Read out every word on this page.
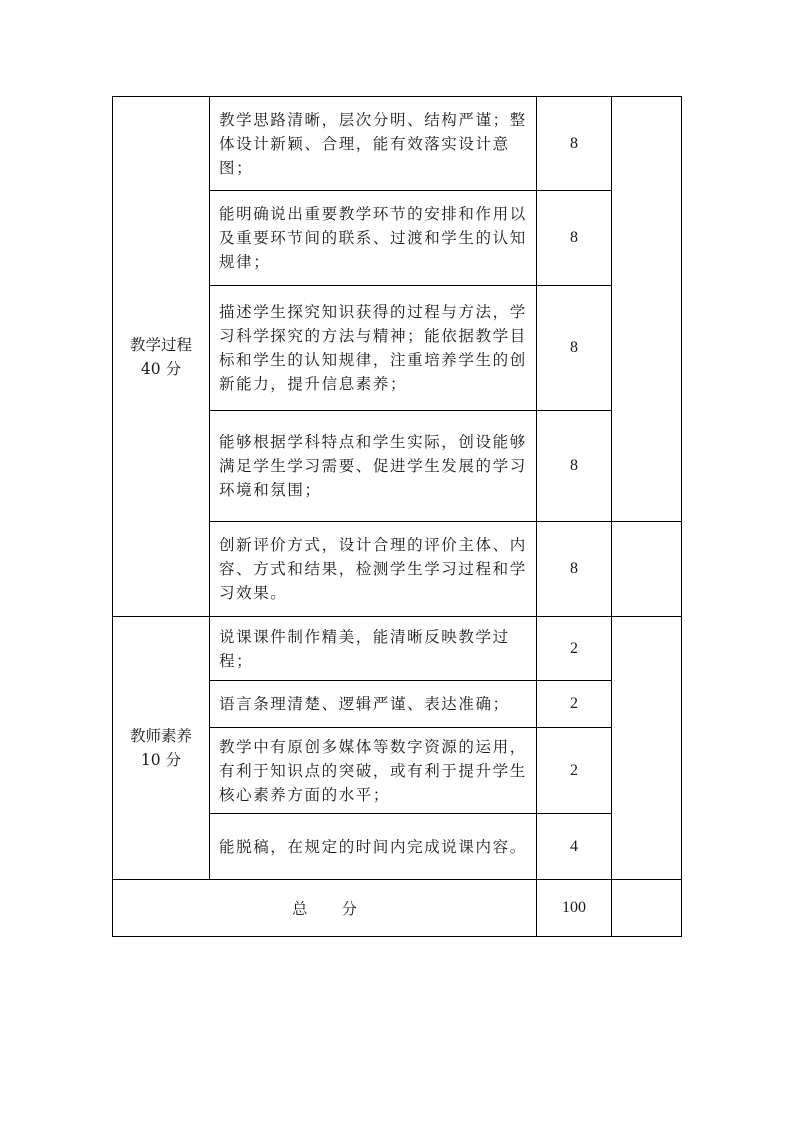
教学过程
40 分	教学思路清晰，层次分明、结构严谨；整体设计新颖、合理，能有效落实设计意图；	8	

	能明确说出重要教学环节的安排和作用以及重要环节间的联系、过渡和学生的认知规律；	8	

	描述学生探究知识获得的过程与方法，学习科学探究的方法与精神；能依据教学目标和学生的认知规律，注重培养学生的创新能力，提升信息素养；	8	

	能够根据学科特点和学生实际，创设能够满足学生学习需要、促进学生发展的学习环境和氛围；	8	

	创新评价方式，设计合理的评价主体、内容、方式和结果，检测学生学习过程和学习效果。	8	

教师素养
10 分	说课课件制作精美，能清晰反映教学过程；	2	

	语言条理清楚、逻辑严谨、表达准确；	2	

	教学中有原创多媒体等数字资源的运用，有利于知识点的突破，或有利于提升学生核心素养方面的水平；	2	

	能脱稿，在规定的时间内完成说课内容。	4	
总 分		100	
